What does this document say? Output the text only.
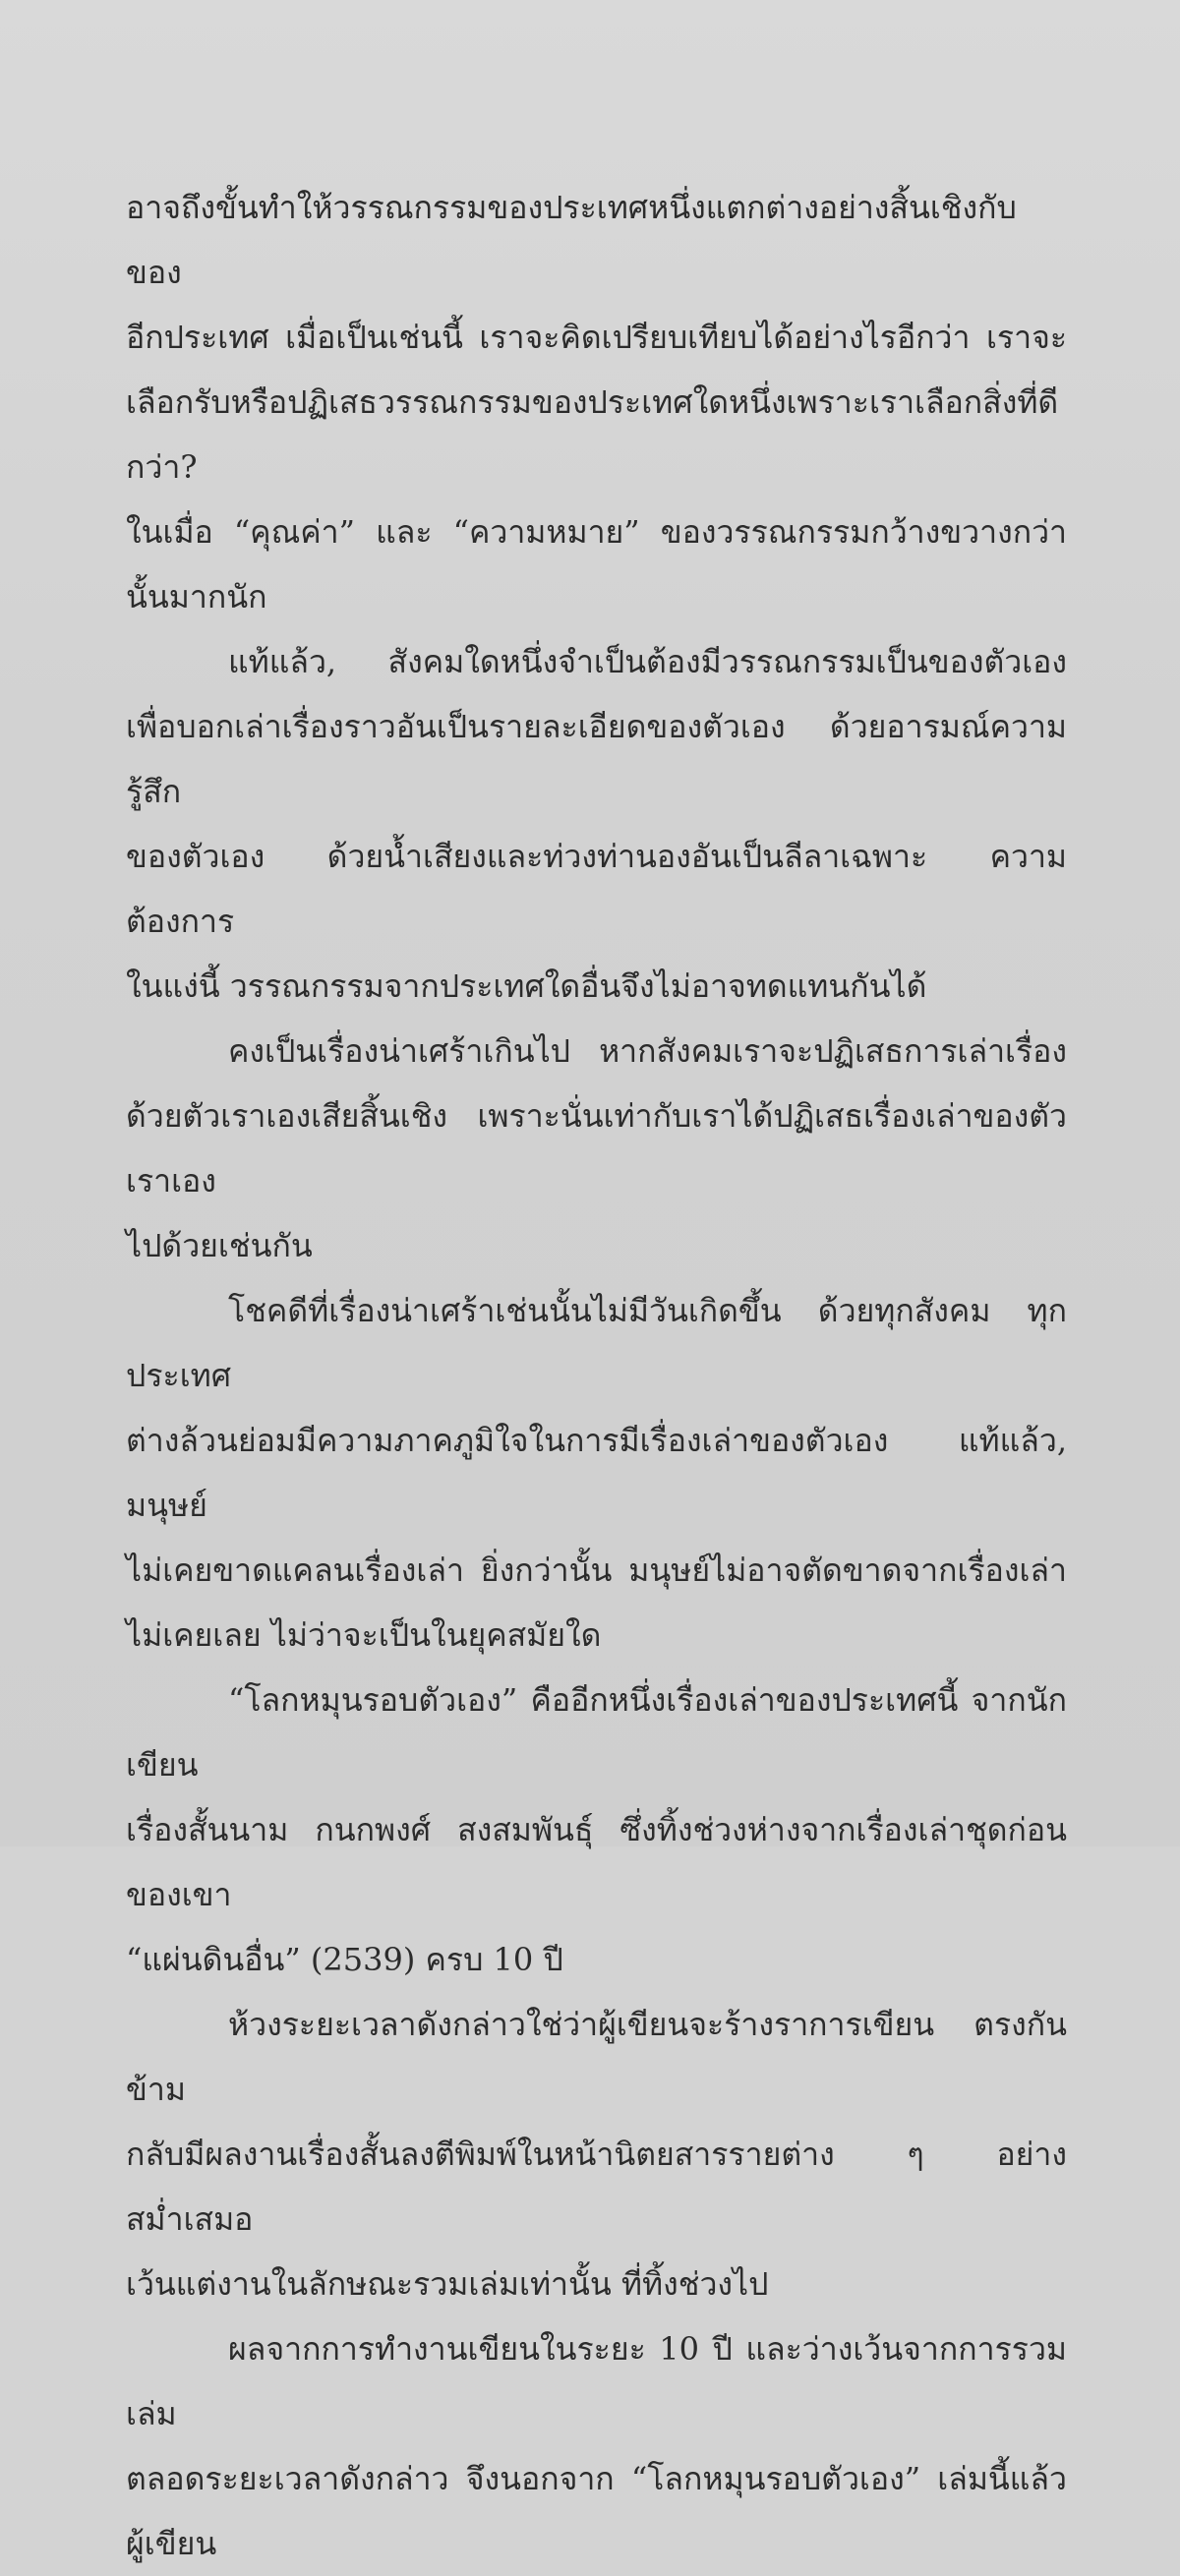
อาจถึงขั้นทำให้วรรณกรรมของประเทศหนึ่งแตกต่างอย่างสิ้นเชิงกับของ

อีกประเทศ เมื่อเป็นเช่นนี้ เราจะคิดเปรียบเทียบได้อย่างไรอีกว่า เราจะ

เลือกรับหรือปฏิเสธวรรณกรรมของประเทศใดหนึ่งเพราะเราเลือกสิ่งที่ดีกว่า?

ในเมื่อ “คุณค่า” และ “ความหมาย” ของวรรณกรรมกว้างขวางกว่านั้นมากนัก

แท้แล้ว, สังคมใดหนึ่งจำเป็นต้องมีวรรณกรรมเป็นของตัวเอง

เพื่อบอกเล่าเรื่องราวอันเป็นรายละเอียดของตัวเอง ด้วยอารมณ์ความรู้สึก

ของตัวเอง ด้วยน้ำเสียงและท่วงท่านองอันเป็นลีลาเฉพาะ ความต้องการ

ในแง่นี้ วรรณกรรมจากประเทศใดอื่นจึงไม่อาจทดแทนกันได้

คงเป็นเรื่องน่าเศร้าเกินไป หากสังคมเราจะปฏิเสธการเล่าเรื่อง

ด้วยตัวเราเองเสียสิ้นเชิง เพราะนั่นเท่ากับเราได้ปฏิเสธเรื่องเล่าของตัวเราเอง

ไปด้วยเช่นกัน

โชคดีที่เรื่องน่าเศร้าเช่นนั้นไม่มีวันเกิดขึ้น ด้วยทุกสังคม ทุกประเทศ

ต่างล้วนย่อมมีความภาคภูมิใจในการมีเรื่องเล่าของตัวเอง แท้แล้ว, มนุษย์

ไม่เคยขาดแคลนเรื่องเล่า ยิ่งกว่านั้น มนุษย์ไม่อาจตัดขาดจากเรื่องเล่า

ไม่เคยเลย ไม่ว่าจะเป็นในยุคสมัยใด

“โลกหมุนรอบตัวเอง” คืออีกหนึ่งเรื่องเล่าของประเทศนี้ จากนักเขียน

เรื่องสั้นนาม กนกพงศ์ สงสมพันธุ์ ซึ่งทิ้งช่วงห่างจากเรื่องเล่าชุดก่อนของเขา

“แผ่นดินอื่น” (2539) ครบ 10 ปี

ห้วงระยะเวลาดังกล่าวใช่ว่าผู้เขียนจะร้างราการเขียน ตรงกันข้าม

กลับมีผลงานเรื่องสั้นลงตีพิมพ์ในหน้านิตยสารรายต่าง ๆ อย่างสม่ำเสมอ

เว้นแต่งานในลักษณะรวมเล่มเท่านั้น ที่ทิ้งช่วงไป

ผลจากการทำงานเขียนในระยะ 10 ปี และว่างเว้นจากการรวมเล่ม

ตลอดระยะเวลาดังกล่าว จึงนอกจาก “โลกหมุนรอบตัวเอง” เล่มนี้แล้ว ผู้เขียน
